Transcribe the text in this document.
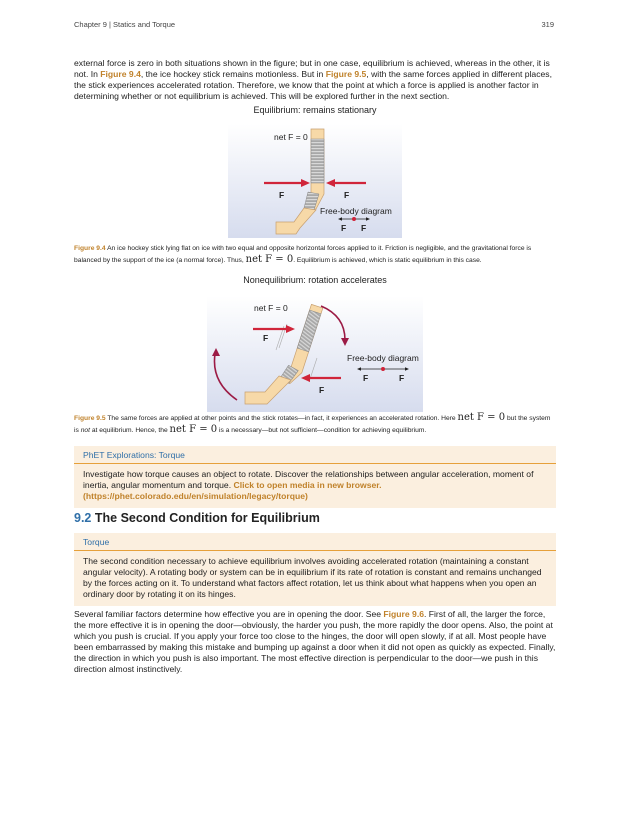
Chapter 9 | Statics and Torque	319

external force is zero in both situations shown in the figure; but in one case, equilibrium is achieved, whereas in the other, it is not. In Figure 9.4, the ice hockey stick remains motionless. But in Figure 9.5, with the same forces applied in different places, the stick experiences accelerated rotation. Therefore, we know that the point at which a force is applied is another factor in determining whether or not equilibrium is achieved. This will be explored further in the next section.

Equilibrium: remains stationary
net F = 0
F	F
Free-body diagram
F F
Figure 9.4 An ice hockey stick lying flat on ice with two equal and opposite horizontal forces applied to it. Friction is negligible, and the gravitational force is balanced by the support of the ice (a normal force). Thus, net F = 0. Equilibrium is achieved, which is static equilibrium in this case.
Nonequilibrium: rotation accelerates
net F = 0
F
F
Free-body diagram
F	F
Figure 9.5 The same forces are applied at other points and the stick rotates—in fact, it experiences an accelerated rotation. Here net F = 0 but the system is not at equilibrium. Hence, the net F = 0 is a necessary—but not sufficient—condition for achieving equilibrium.
PhET Explorations: Torque
Investigate how torque causes an object to rotate. Discover the relationships between angular acceleration, moment of inertia, angular momentum and torque. Click to open media in new browser. (https://phet.colorado.edu/en/simulation/legacy/torque)
9.2 The Second Condition for Equilibrium
Torque
The second condition necessary to achieve equilibrium involves avoiding accelerated rotation (maintaining a constant angular velocity). A rotating body or system can be in equilibrium if its rate of rotation is constant and remains unchanged by the forces acting on it. To understand what factors affect rotation, let us think about what happens when you open an ordinary door by rotating it on its hinges.

Several familiar factors determine how effective you are in opening the door. See Figure 9.6. First of all, the larger the force, the more effective it is in opening the door—obviously, the harder you push, the more rapidly the door opens. Also, the point at which you push is crucial. If you apply your force too close to the hinges, the door will open slowly, if at all. Most people have been embarrassed by making this mistake and bumping up against a door when it did not open as quickly as expected. Finally, the direction in which you push is also important. The most effective direction is perpendicular to the door—we push in this direction almost instinctively.
